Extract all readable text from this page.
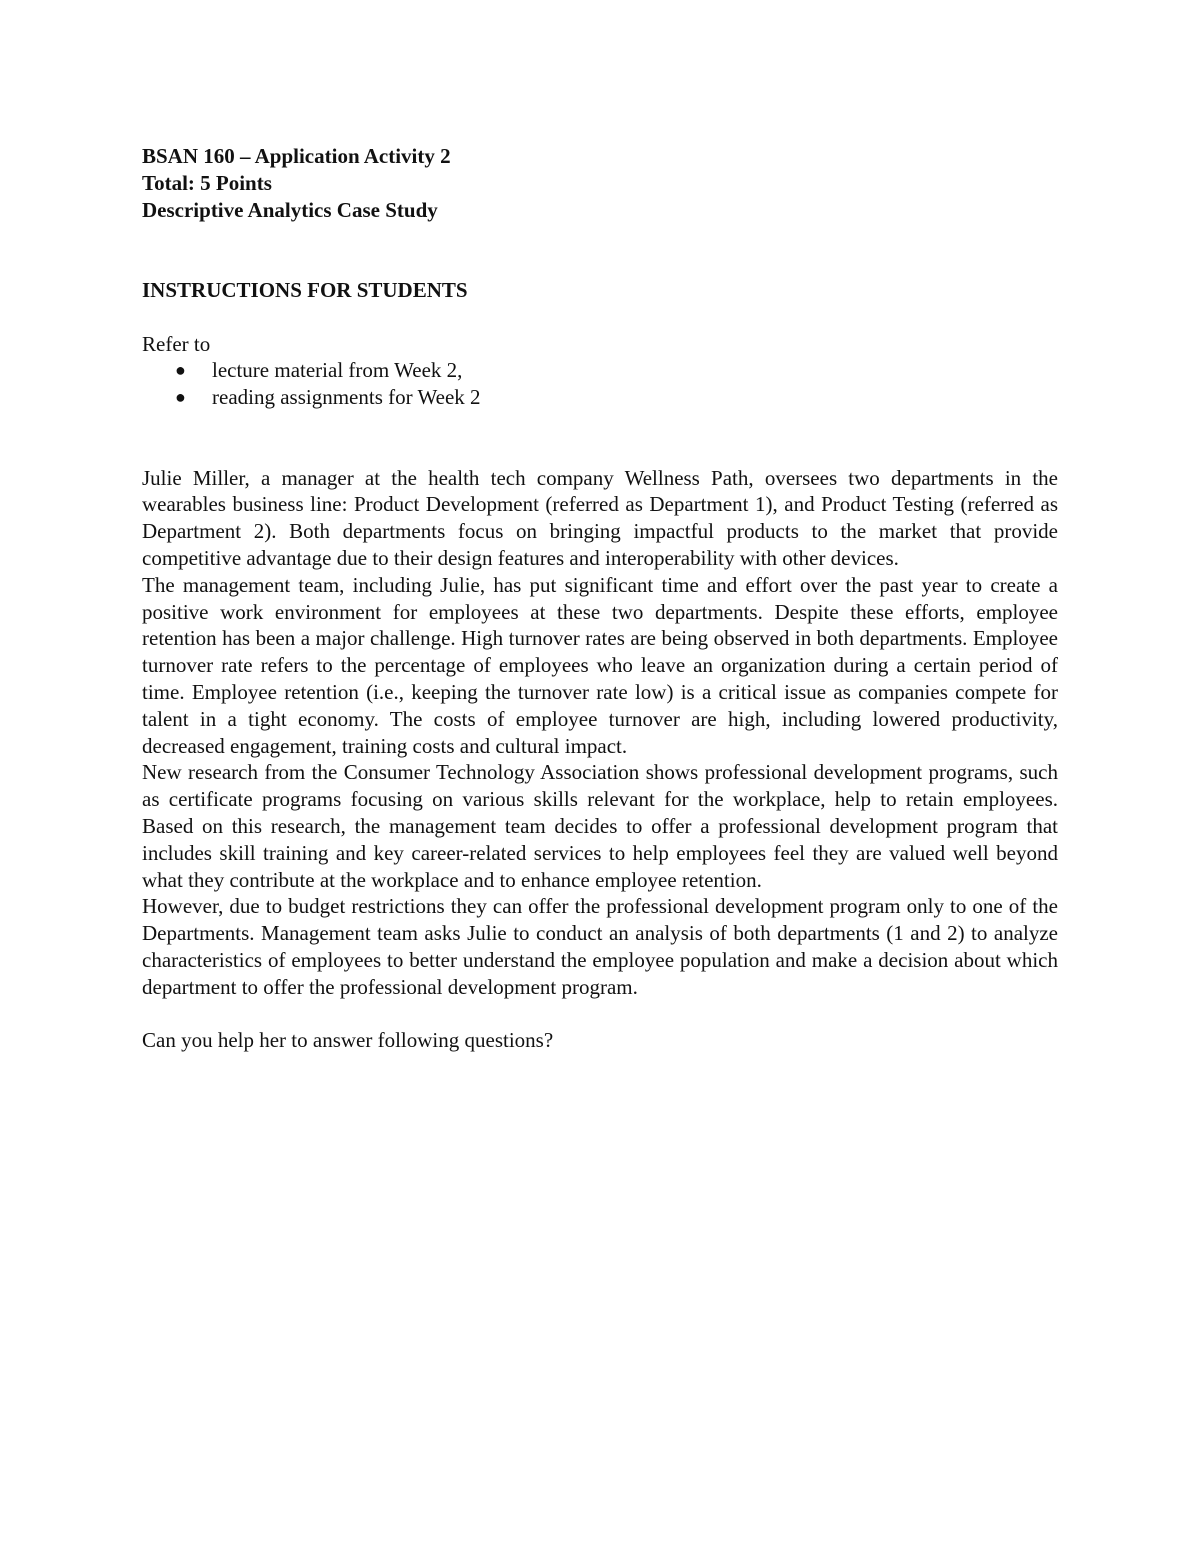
BSAN 160 – Application Activity 2

Total: 5 Points

Descriptive Analytics Case Study

INSTRUCTIONS FOR STUDENTS

Refer to

● lecture material from Week 2,
● reading assignments for Week 2

Julie Miller, a manager at the health tech company Wellness Path, oversees two departments in the wearables business line: Product Development (referred as Department 1), and Product Testing (referred as Department 2). Both departments focus on bringing impactful products to the market that provide competitive advantage due to their design features and interoperability with other devices.

The management team, including Julie, has put significant time and effort over the past year to create a positive work environment for employees at these two departments. Despite these efforts, employee retention has been a major challenge. High turnover rates are being observed in both departments. Employee turnover rate refers to the percentage of employees who leave an organization during a certain period of time. Employee retention (i.e., keeping the turnover rate low) is a critical issue as companies compete for talent in a tight economy. The costs of employee turnover are high, including lowered productivity, decreased engagement, training costs and cultural impact.

New research from the Consumer Technology Association shows professional development programs, such as certificate programs focusing on various skills relevant for the workplace, help to retain employees. Based on this research, the management team decides to offer a professional development program that includes skill training and key career-related services to help employees feel they are valued well beyond what they contribute at the workplace and to enhance employee retention.

However, due to budget restrictions they can offer the professional development program only to one of the Departments. Management team asks Julie to conduct an analysis of both departments (1 and 2) to analyze characteristics of employees to better understand the employee population and make a decision about which department to offer the professional development program.

Can you help her to answer following questions?
